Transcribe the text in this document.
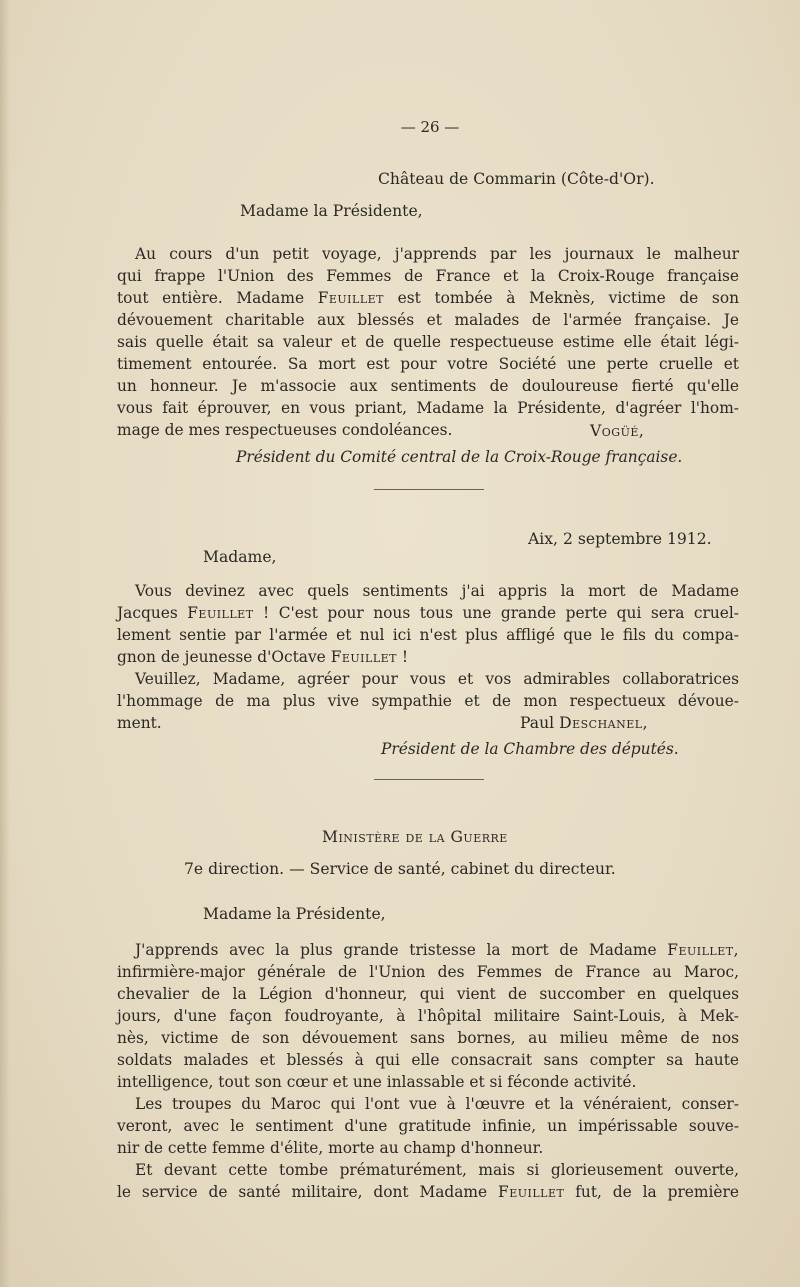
— 26 —
Château de Commarin (Côte-d'Or).
Madame la Présidente,
Au cours d'un petit voyage, j'apprends par les journaux le malheur
qui frappe l'Union des Femmes de France et la Croix-Rouge française
tout entière. Madame Feuillet est tombée à Meknès, victime de son
dévouement charitable aux blessés et malades de l'armée française. Je
sais quelle était sa valeur et de quelle respectueuse estime elle était légi-
timement entourée. Sa mort est pour votre Société une perte cruelle et
un honneur. Je m'associe aux sentiments de douloureuse fierté qu'elle
vous fait éprouver, en vous priant, Madame la Présidente, d'agréer l'hom-
mage de mes respectueuses condoléances.	Vogüé,
Président du Comité central de la Croix-Rouge française.
Aix, 2 septembre 1912.
Madame,
Vous devinez avec quels sentiments j'ai appris la mort de Madame
Jacques Feuillet ! C'est pour nous tous une grande perte qui sera cruel-
lement sentie par l'armée et nul ici n'est plus affligé que le fils du compa-
gnon de jeunesse d'Octave Feuillet !
Veuillez, Madame, agréer pour vous et vos admirables collaboratrices
l'hommage de ma plus vive sympathie et de mon respectueux dévoue-
ment.	Paul Deschanel,
Président de la Chambre des députés.
Ministère de la Guerre
7e direction. — Service de santé, cabinet du directeur.
Madame la Présidente,
J'apprends avec la plus grande tristesse la mort de Madame Feuillet,
infirmière-major générale de l'Union des Femmes de France au Maroc,
chevalier de la Légion d'honneur, qui vient de succomber en quelques
jours, d'une façon foudroyante, à l'hôpital militaire Saint-Louis, à Mek-
nès, victime de son dévouement sans bornes, au milieu même de nos
soldats malades et blessés à qui elle consacrait sans compter sa haute
intelligence, tout son cœur et une inlassable et si féconde activité.
Les troupes du Maroc qui l'ont vue à l'œuvre et la vénéraient, conser-
veront, avec le sentiment d'une gratitude infinie, un impérissable souve-
nir de cette femme d'élite, morte au champ d'honneur.
Et devant cette tombe prématurément, mais si glorieusement ouverte,
le service de santé militaire, dont Madame Feuillet fut, de la première
